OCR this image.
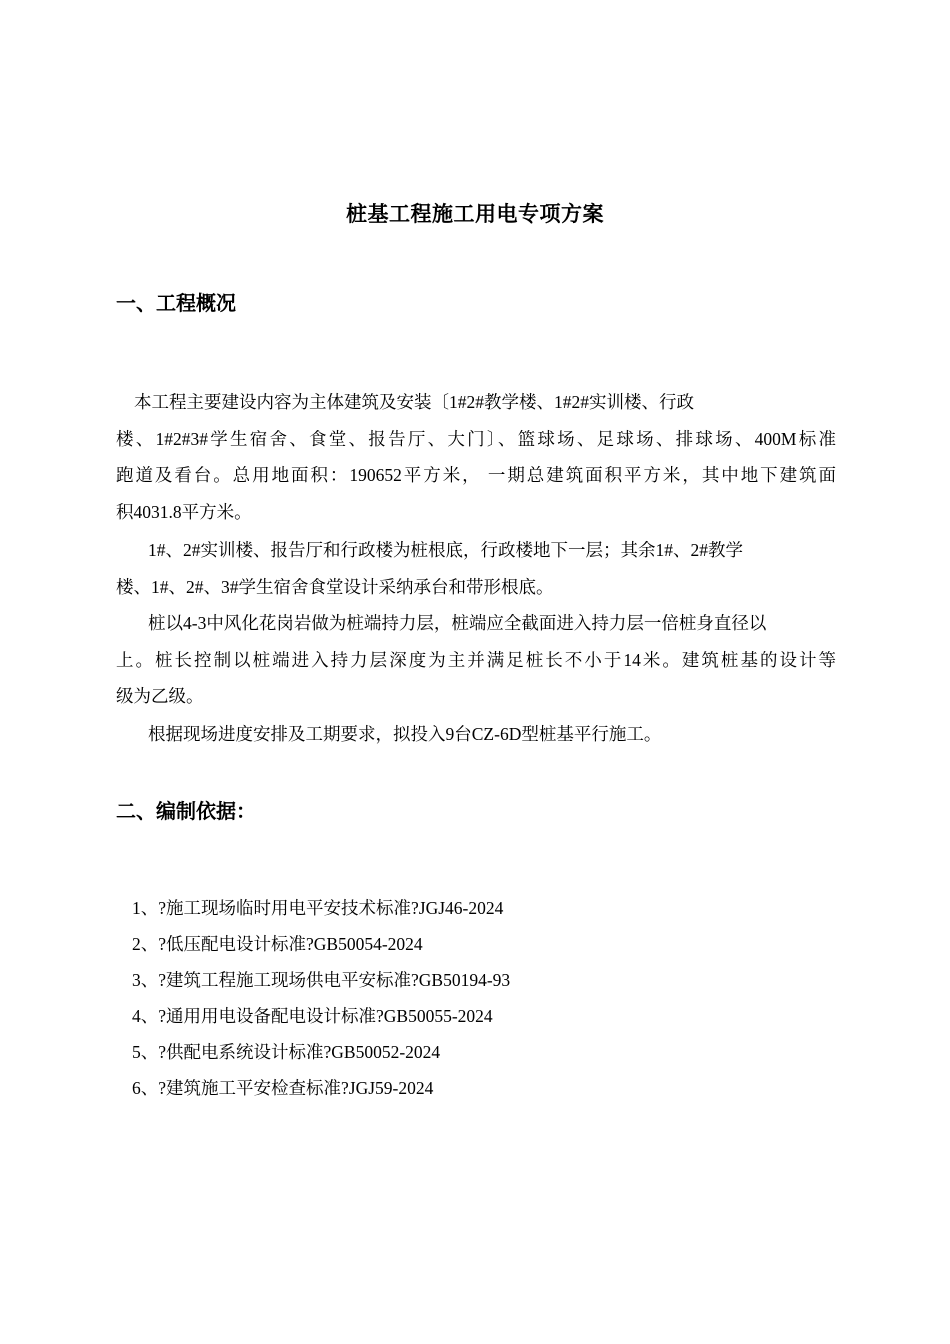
桩基工程施工用电专项方案
一、工程概况
本工程主要建设内容为主体建筑及安装〔1#2#教学楼、1#2#实训楼、行政
楼、1#2#3#学生宿舍、食堂、报告厅、大门〕、篮球场、足球场、排球场、400M标准
跑道及看台。总用地面积：190652平方米， 一期总建筑面积平方米，其中地下建筑面
积4031.8平方米。
1#、2#实训楼、报告厅和行政楼为桩根底，行政楼地下一层；其余1#、2#教学
楼、1#、2#、3#学生宿舍食堂设计采纳承台和带形根底。
桩以4-3中风化花岗岩做为桩端持力层，桩端应全截面进入持力层一倍桩身直径以
上。桩长控制以桩端进入持力层深度为主并满足桩长不小于14米。建筑桩基的设计等
级为乙级。
根据现场进度安排及工期要求，拟投入9台CZ-6D型桩基平行施工。
二、编制依据：
1、?施工现场临时用电平安技术标准?JGJ46-2024
2、?低压配电设计标准?GB50054-2024
3、?建筑工程施工现场供电平安标准?GB50194-93
4、?通用用电设备配电设计标准?GB50055-2024
5、?供配电系统设计标准?GB50052-2024
6、?建筑施工平安检查标准?JGJ59-2024
